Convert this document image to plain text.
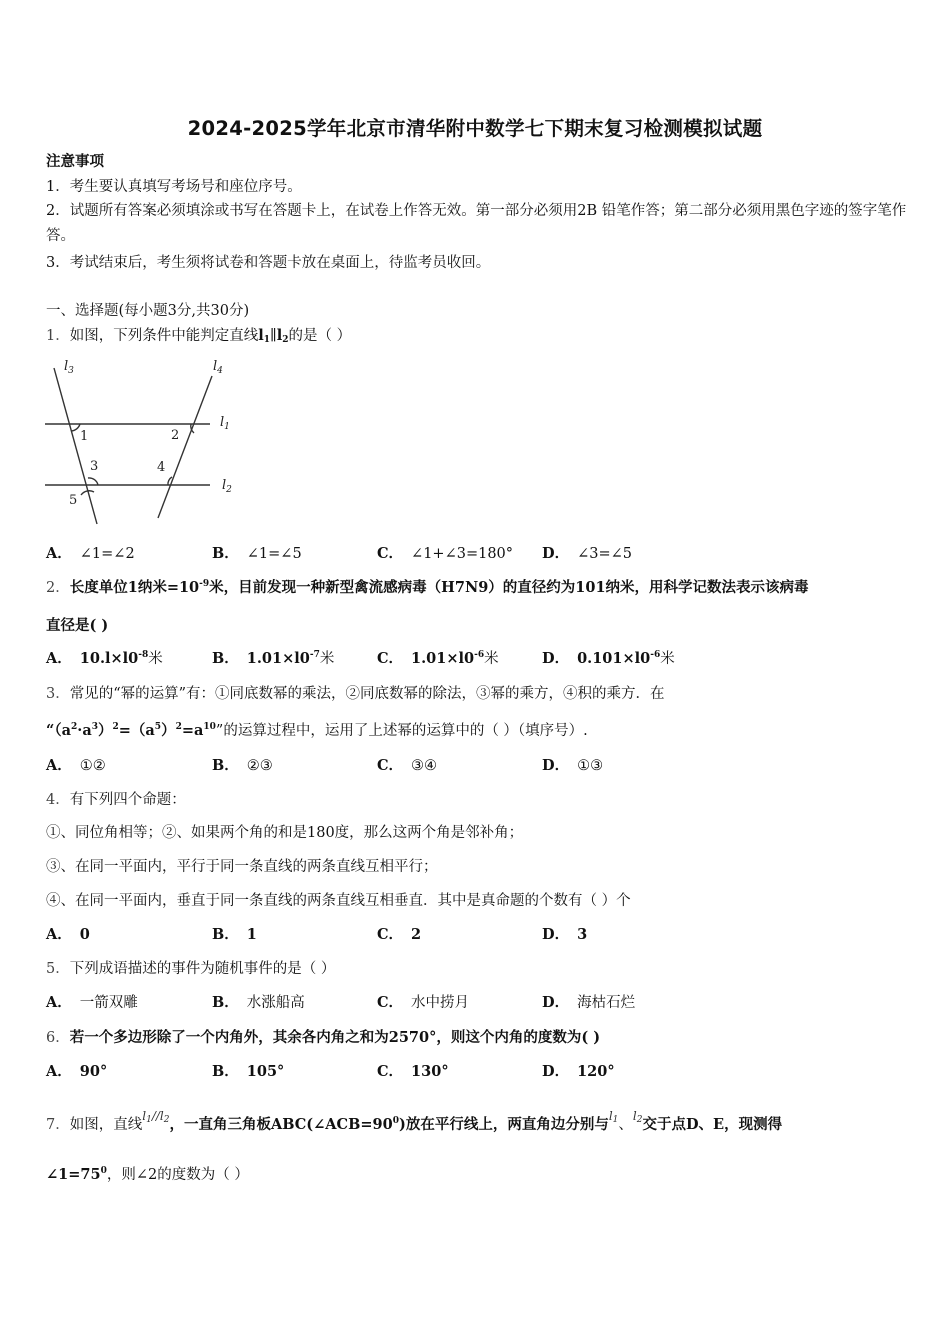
2024-2025学年北京市清华附中数学七下期末复习检测模拟试题
注意事项
1．考生要认真填写考场号和座位序号。
2．试题所有答案必须填涂或书写在答题卡上，在试卷上作答无效。第一部分必须用2B 铅笔作答；第二部分必须用黑色字迹的签字笔作答。
3．考试结束后，考生须将试卷和答题卡放在桌面上，待监考员收回。
一、选择题(每小题3分,共30分)
1．如图，下列条件中能判定直线$l_1\parallel l_2$的是（ ）
$l_3$	$l_4$
$l_1$
$l_2$
1	2
3	4
5
A． ∠1=∠2	B． ∠1=∠5	C． ∠1+∠3=180° D． ∠3=∠5
2．长度单位1纳米$=10^{-9}$米，目前发现一种新型禽流感病毒（H7N9）的直径约为101纳米，用科学记数法表示该病毒
直径是( )
A． $10.l\times l0^{-8}$米	B． $1.01\times l0^{-7}$米	C． $1.01\times l0^{-6}$米	D． $0.101\times l0^{-6}$米
3．常见的“幂的运算”有：①同底数幂的乘法，②同底数幂的除法，③幂的乘方，④积的乘方．在
“$(a^2\cdot a^3)^2=(a^5)^2=a^{10}$”的运算过程中，运用了上述幂的运算中的（ ）（填序号）.
A． ①②	B． ②③	C． ③④	D． ①③
4．有下列四个命题：
①、同位角相等；②、如果两个角的和是180度，那么这两个角是邻补角；
③、在同一平面内，平行于同一条直线的两条直线互相平行；
④、在同一平面内，垂直于同一条直线的两条直线互相垂直．其中是真命题的个数有（ ）个
A． 0	B． 1	C． 2	D． 3
5．下列成语描述的事件为随机事件的是（ ）
A． 一箭双雕	B． 水涨船高	C． 水中捞月	D． 海枯石烂
6．若一个多边形除了一个内角外，其余各内角之和为2570°，则这个内角的度数为( )
A． 90°	B． 105°	C． 130°	D． 120°
7．如图，直线$^{l_1//l_2}$，一直角三角板$ABC(\angle ACB=90^0)$放在平行线上，两直角边分别与$^{l_1}$、$^{l_2}$交于点D、E，现测得
$\angle 1=75^0$，则∠2的度数为（ ）
